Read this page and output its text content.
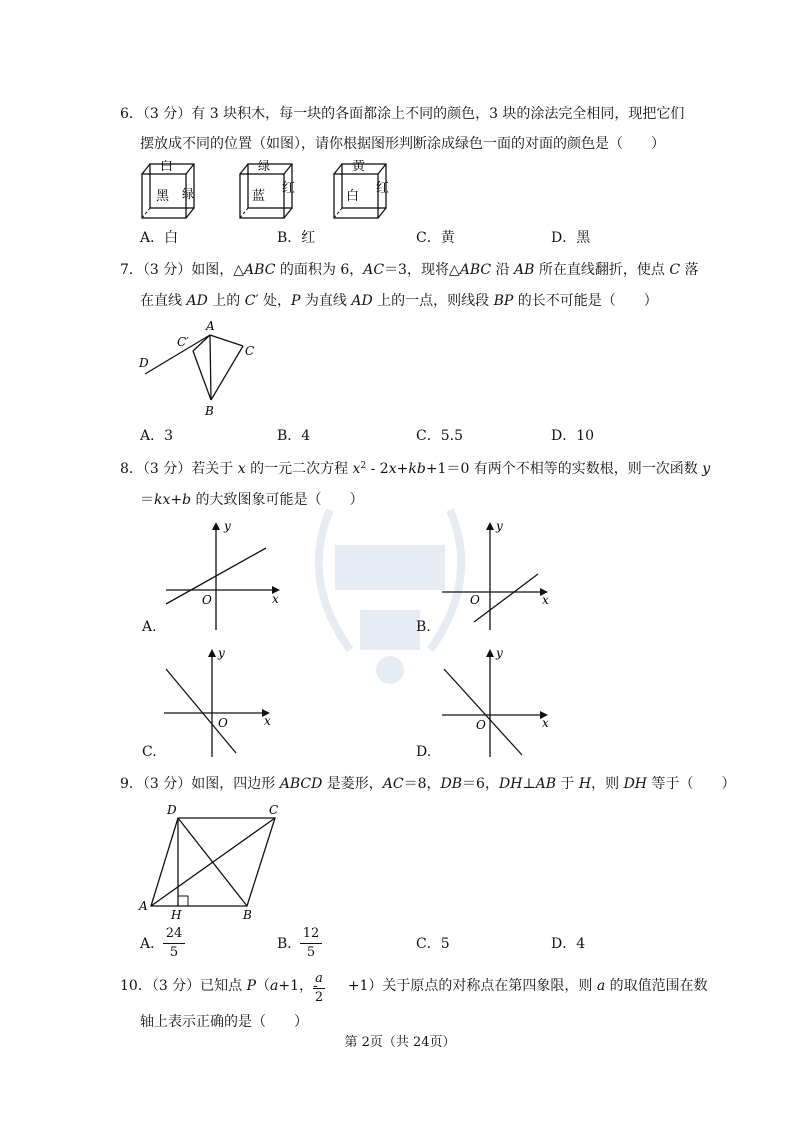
6．（3 分）有 3 块积木，每一块的各面都涂上不同的颜色，3 块的涂法完全相同，现把它们
摆放成不同的位置（如图），请你根据图形判断涂成绿色一面的对面的颜色是（　　）
白
黑 绿
绿
蓝
红
黄
白
红
A．白	B．红	C．黄	D．黑
7．（3 分）如图，△ABC 的面积为 6，AC＝3，现将△ABC 沿 AB 所在直线翻折，使点 C 落
在直线 AD 上的 C′ 处，P 为直线 AD 上的一点，则线段 BP 的长不可能是（　　）
A
B
C
C′
D
A．3	B．4	C．5.5	D．10
8．（3 分）若关于 x 的一元二次方程 $x^2 - 2x+kb+1=0$ 有两个不相等的实数根，则一次函数 y
＝kx+b 的大致图象可能是（　　）
y
x
O
A.
y
x
O
B.
y
x
O
C.
y
x
O
D.
9．（3 分）如图，四边形 ABCD 是菱形，AC＝8，DB＝6，DH⊥AB 于 H，则 DH 等于（　　）
A
B
C
D
H
A．
24
5
B．
12
5
C．5	D．4
10．（3 分）已知点 P（a+1，- +1）关于原点的对称点在第四象限，则 a 的取值范围在数
a
2
轴上表示正确的是（　　）
第 2页（共 24页）
